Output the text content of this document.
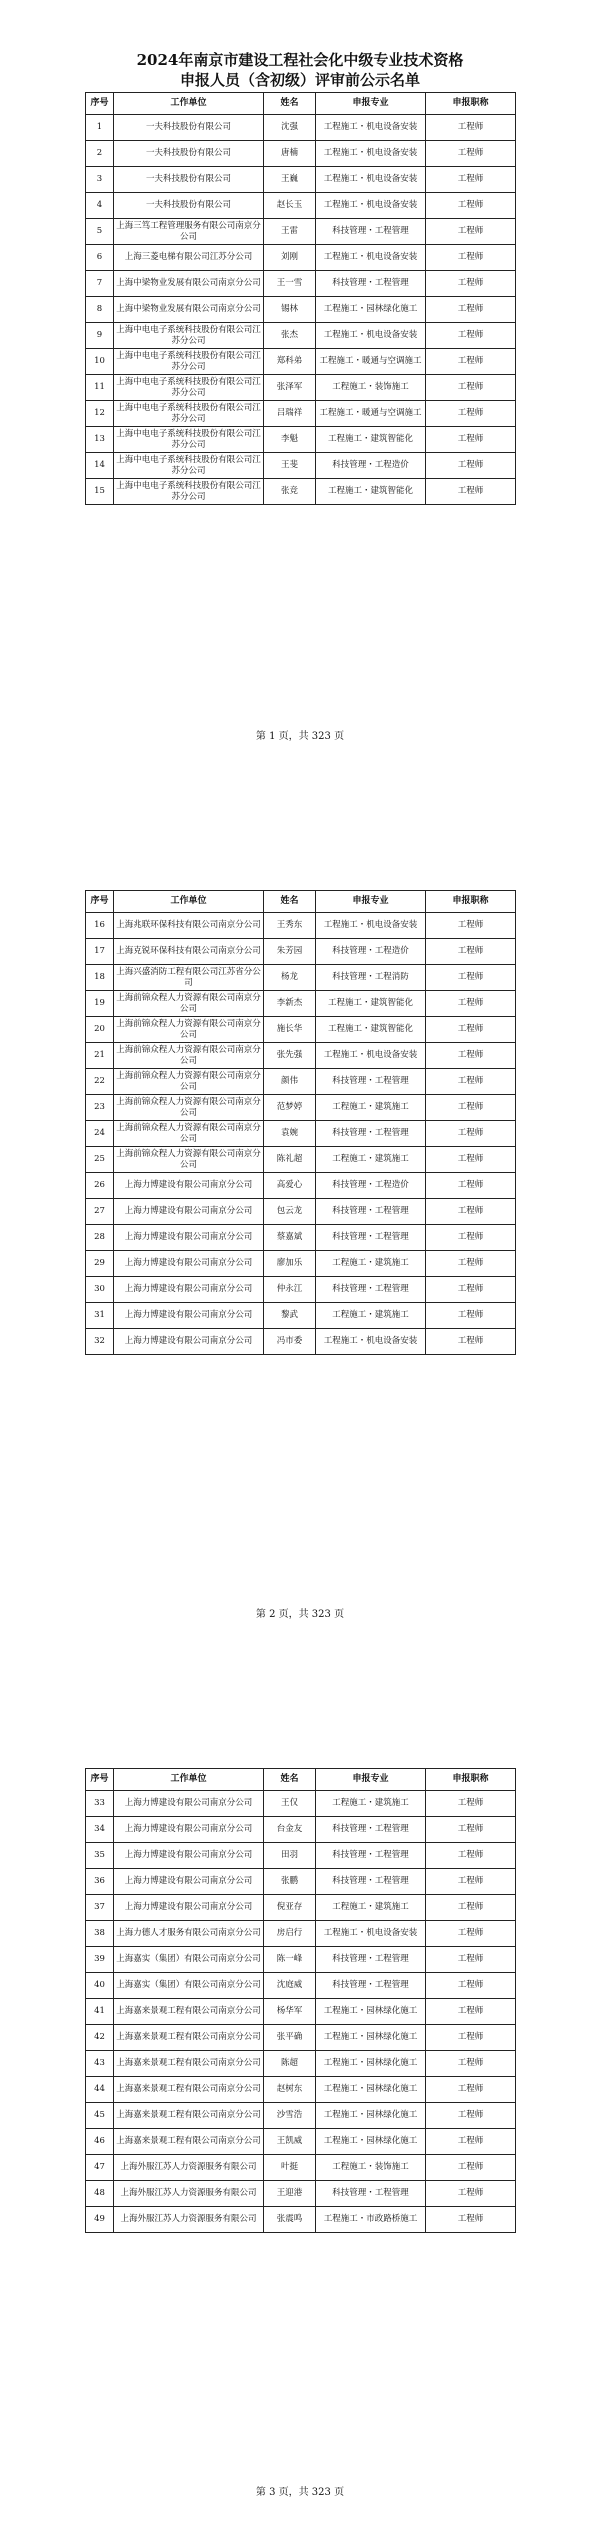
2024年南京市建设工程社会化中级专业技术资格
申报人员（含初级）评审前公示名单
序号	工作单位	姓名	申报专业	申报职称
1	一夫科技股份有限公司	沈强	工程施工・机电设备安装	工程师
2	一夫科技股份有限公司	唐楠	工程施工・机电设备安装	工程师
3	一夫科技股份有限公司	王巍	工程施工・机电设备安装	工程师
4	一夫科技股份有限公司	赵长玉	工程施工・机电设备安装	工程师
5	上海三笃工程管理服务有限公司南京分公司	王雷	科技管理・工程管理	工程师
6	上海三菱电梯有限公司江苏分公司	刘刚	工程施工・机电设备安装	工程师
7	上海中梁物业发展有限公司南京分公司	王一雪	科技管理・工程管理	工程师
8	上海中梁物业发展有限公司南京分公司	锡林	工程施工・园林绿化施工	工程师
9	上海中电电子系统科技股份有限公司江苏分公司	张杰	工程施工・机电设备安装	工程师
10	上海中电电子系统科技股份有限公司江苏分公司	郑科弟	工程施工・暖通与空调施工	工程师
11	上海中电电子系统科技股份有限公司江苏分公司	张泽军	工程施工・装饰施工	工程师
12	上海中电电子系统科技股份有限公司江苏分公司	吕瑞祥	工程施工・暖通与空调施工	工程师
13	上海中电电子系统科技股份有限公司江苏分公司	李魁	工程施工・建筑智能化	工程师
14	上海中电电子系统科技股份有限公司江苏分公司	王斐	科技管理・工程造价	工程师
15	上海中电电子系统科技股份有限公司江苏分公司	张竞	工程施工・建筑智能化	工程师
第 1 页，共 323 页
序号	工作单位	姓名	申报专业	申报职称
16	上海兆联环保科技有限公司南京分公司	王秀东	工程施工・机电设备安装	工程师
17	上海克锐环保科技有限公司南京分公司	朱芳园	科技管理・工程造价	工程师
18	上海兴盛消防工程有限公司江苏省分公司	杨龙	科技管理・工程消防	工程师
19	上海前锦众程人力资源有限公司南京分公司	李新杰	工程施工・建筑智能化	工程师
20	上海前锦众程人力资源有限公司南京分公司	施长华	工程施工・建筑智能化	工程师
21	上海前锦众程人力资源有限公司南京分公司	张先强	工程施工・机电设备安装	工程师
22	上海前锦众程人力资源有限公司南京分公司	颜伟	科技管理・工程管理	工程师
23	上海前锦众程人力资源有限公司南京分公司	范梦婷	工程施工・建筑施工	工程师
24	上海前锦众程人力资源有限公司南京分公司	袁婉	科技管理・工程管理	工程师
25	上海前锦众程人力资源有限公司南京分公司	陈礼超	工程施工・建筑施工	工程师
26	上海力博建设有限公司南京分公司	高爱心	科技管理・工程造价	工程师
27	上海力博建设有限公司南京分公司	包云龙	科技管理・工程管理	工程师
28	上海力博建设有限公司南京分公司	蔡嘉斌	科技管理・工程管理	工程师
29	上海力博建设有限公司南京分公司	廖加乐	工程施工・建筑施工	工程师
30	上海力博建设有限公司南京分公司	仲永江	科技管理・工程管理	工程师
31	上海力博建设有限公司南京分公司	黎武	工程施工・建筑施工	工程师
32	上海力博建设有限公司南京分公司	冯市委	工程施工・机电设备安装	工程师
第 2 页，共 323 页
序号	工作单位	姓名	申报专业	申报职称
33	上海力博建设有限公司南京分公司	王仅	工程施工・建筑施工	工程师
34	上海力博建设有限公司南京分公司	台金友	科技管理・工程管理	工程师
35	上海力博建设有限公司南京分公司	田羽	科技管理・工程管理	工程师
36	上海力博建设有限公司南京分公司	张鹏	科技管理・工程管理	工程师
37	上海力博建设有限公司南京分公司	倪亚存	工程施工・建筑施工	工程师
38	上海力德人才服务有限公司南京分公司	房启行	工程施工・机电设备安装	工程师
39	上海嘉实（集团）有限公司南京分公司	陈一峰	科技管理・工程管理	工程师
40	上海嘉实（集团）有限公司南京分公司	沈庭威	科技管理・工程管理	工程师
41	上海嘉来景观工程有限公司南京分公司	杨华军	工程施工・园林绿化施工	工程师
42	上海嘉来景观工程有限公司南京分公司	张平确	工程施工・园林绿化施工	工程师
43	上海嘉来景观工程有限公司南京分公司	陈超	工程施工・园林绿化施工	工程师
44	上海嘉来景观工程有限公司南京分公司	赵树东	工程施工・园林绿化施工	工程师
45	上海嘉来景观工程有限公司南京分公司	沙雪浩	工程施工・园林绿化施工	工程师
46	上海嘉来景观工程有限公司南京分公司	王凯威	工程施工・园林绿化施工	工程师
47	上海外服江苏人力资源服务有限公司	叶挺	工程施工・装饰施工	工程师
48	上海外服江苏人力资源服务有限公司	王迎港	科技管理・工程管理	工程师
49	上海外服江苏人力资源服务有限公司	张震鸣	工程施工・市政路桥施工	工程师
第 3 页，共 323 页
